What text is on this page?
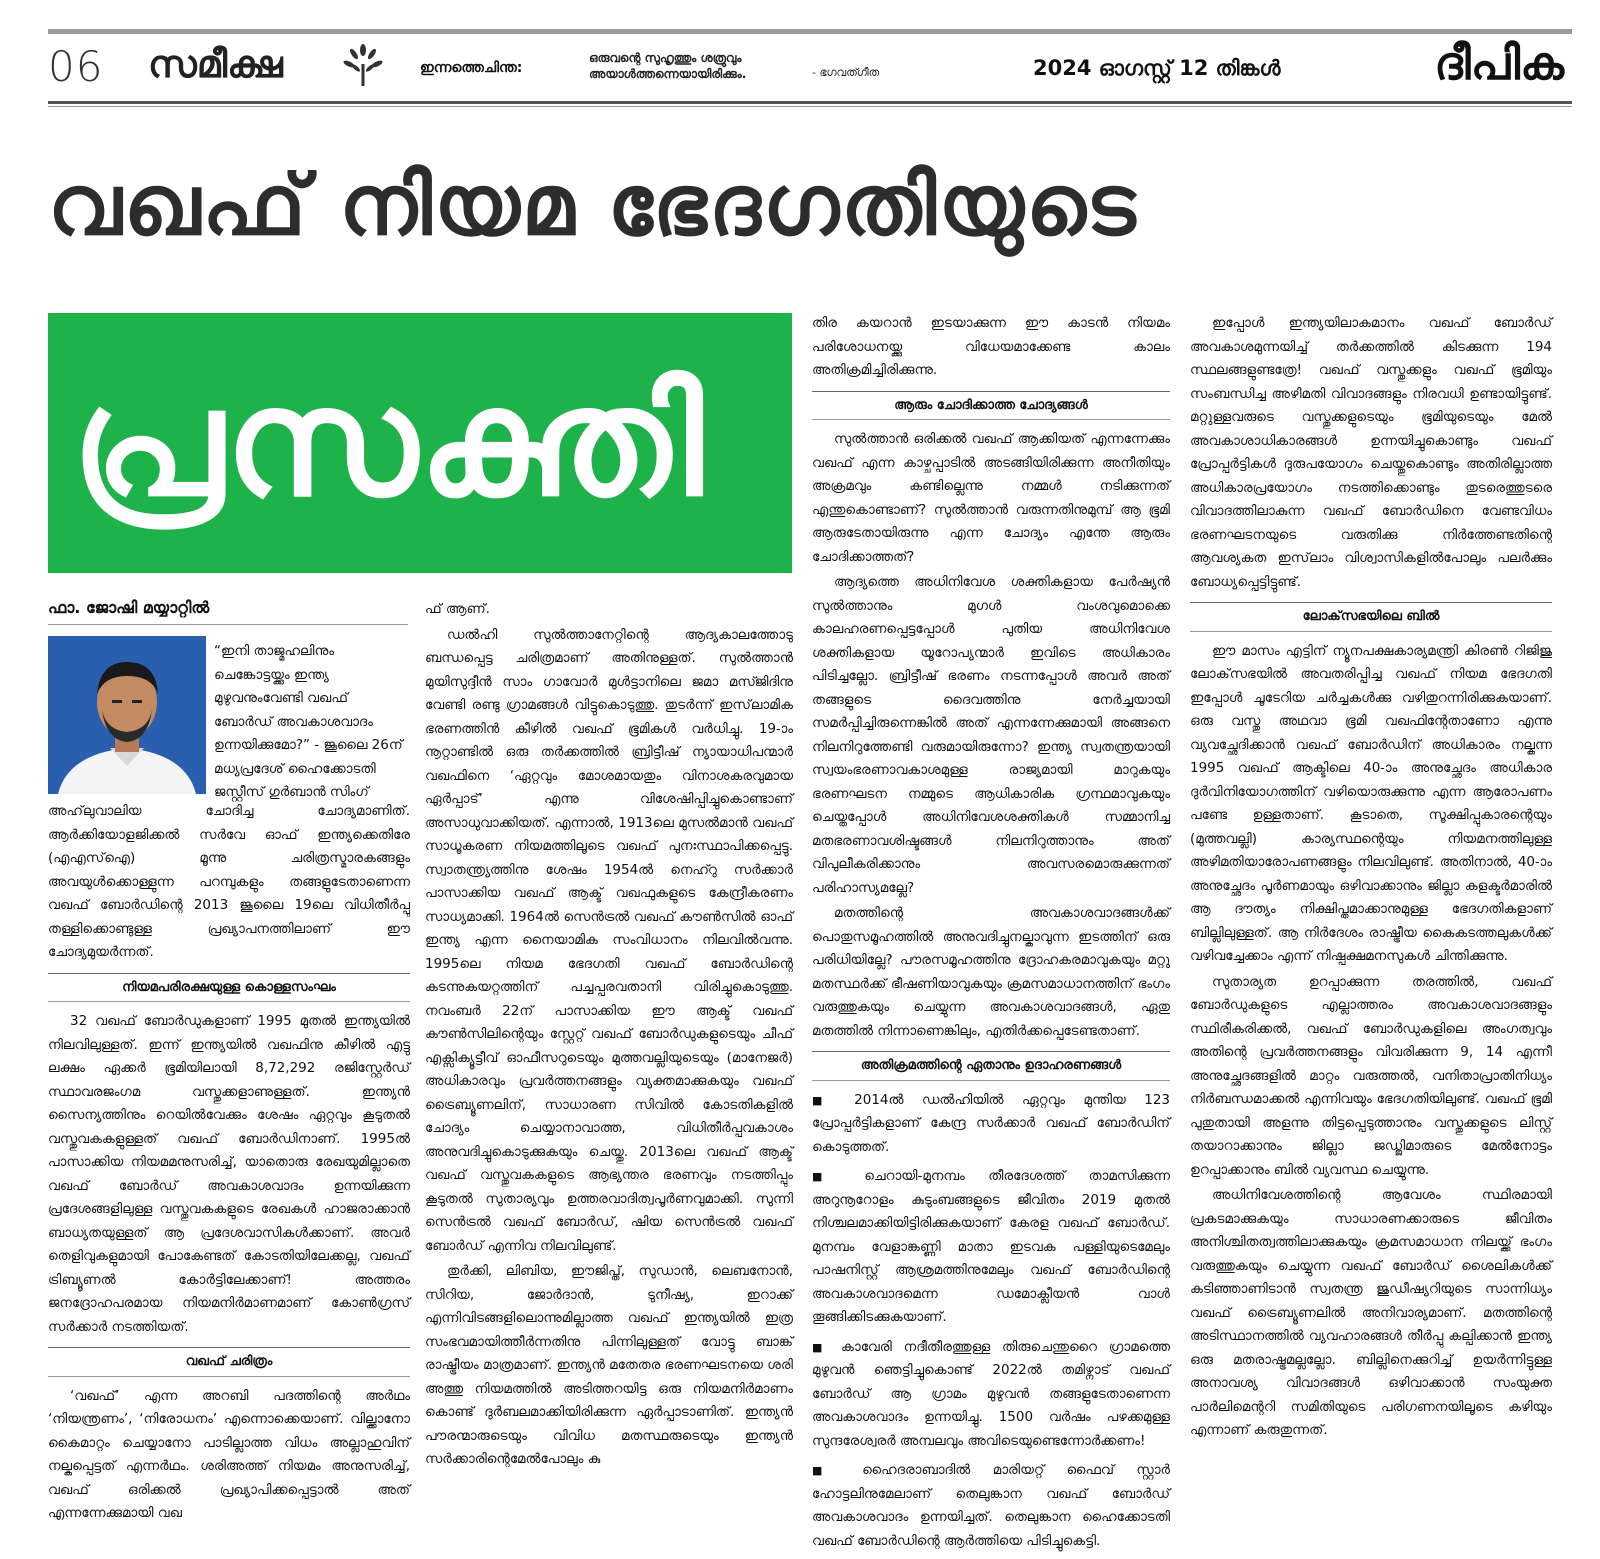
06 സമീക്ഷ	ഇന്നത്തെചിന്ത:
ഒരുവന്റെ സുഹൃത്തും ശത്രുവും
അയാൾത്തന്നെയായിരിക്കും.	- ഭഗവത്ഗീത	2024 ഓഗസ്റ്റ് 12 തിങ്കൾ	ദീപിക
വഖഫ് നിയമ ഭേദഗതിയുടെ
പ്രസക്തി
ഫാ. ജോഷി മയ്യാറ്റിൽ
“ഇനി താജ്മഹലിനും ചെങ്കോട്ടയ്ക്കും ഇന്ത്യ മുഴുവനുംവേണ്ടി വഖഫ് ബോർഡ് അവകാശവാദം ഉന്നയിക്കുമോ?” - ജൂലൈ 26ന് മധ്യപ്രദേശ് ഹൈക്കോടതി ജസ്റ്റീസ് ഗുർബാൻ സിംഗ്

അഹ്‌ലുവാലിയ ചോദിച്ച ചോദ്യമാണിത്. ആർക്കിയോളജിക്കൽ സർവേ ഓഫ് ഇന്ത്യക്കെതിരേ (എഎസ്ഐ) മൂന്നു ചരിത്രസ്മാരകങ്ങളും അവയുൾക്കൊള്ളുന്ന പറമ്പുകളും തങ്ങളുടേതാണെന്ന വഖഫ് ബോർഡിന്റെ 2013 ജൂലൈ 19ലെ വിധിതീർപ്പു തള്ളിക്കൊണ്ടുള്ള പ്രഖ്യാപനത്തിലാണ് ഈ ചോദ്യമുയർന്നത്.

നിയമപരിരക്ഷയുള്ള കൊള്ളസംഘം

32 വഖഫ് ബോർഡുകളാണ് 1995 മുതൽ ഇന്ത്യയിൽ നിലവിലുള്ളത്. ഇന്ന് ഇന്ത്യയിൽ വഖഫിനു കീഴിൽ എട്ടു ലക്ഷം ഏക്കർ ഭൂമിയിലായി 8,72,292 രജിസ്റ്റേർഡ് സ്ഥാവരജംഗമ വസ്തുക്കളാണുള്ളത്. ഇന്ത്യൻ സൈന്യത്തിനും റെയിൽവേക്കും ശേഷം ഏറ്റവും കൂടുതൽ വസ്തുവകകളുള്ളത് വഖഫ് ബോർഡിനാണ്. 1995ൽ പാസാക്കിയ നിയമമനുസരിച്ച്, യാതൊരു രേഖയുമില്ലാതെ വഖഫ് ബോർഡ് അവകാശവാദം ഉന്നയിക്കുന്ന പ്രദേശങ്ങളിലുള്ള വസ്തുവകകളുടെ രേഖകൾ ഹാജരാക്കാൻ ബാധ്യതയുള്ളത് ആ പ്രദേശവാസികൾക്കാണ്. അവർ തെളിവുകളുമായി പോകേണ്ടത് കോടതിയിലേക്കല്ല, വഖഫ് ട്രിബ്യൂണൽ കോർട്ടിലേക്കാണ്! അത്തരം ജനദ്രോഹപരമായ നിയമനിർമാണമാണ് കോൺഗ്രസ് സർക്കാർ നടത്തിയത്.

വഖഫ് ചരിത്രം

‘വഖഫ്’ എന്ന അറബി പദത്തിന്റെ അർഥം ‘നിയന്ത്രണം’, ‘നിരോധനം’ എന്നൊക്കെയാണ്. വില്ക്കാനോ കൈമാറ്റം ചെയ്യാനോ പാടില്ലാത്ത വിധം അല്ലാഹുവിന് നല്കപ്പെട്ടത് എന്നർഥം. ശരിഅത്ത് നിയമം അനുസരിച്ച്, വഖഫ് ഒരിക്കൽ പ്രഖ്യാപിക്കപ്പെട്ടാൽ അത് എന്നന്നേക്കുമായി വഖ

ഫ് ആണ്.

ഡൽഹി സുൽത്താനേറ്റിന്റെ ആദ്യകാലത്തോടു ബന്ധപ്പെട്ട ചരിത്രമാണ് അതിനുള്ളത്. സുൽത്താൻ മുയിസുദ്ദീൻ സാം ഗാവോർ മുൾട്ടാനിലെ ജമാ മസ്ജിദിനു വേണ്ടി രണ്ടു ഗ്രാമങ്ങൾ വിട്ടുകൊടുത്തു. തുടർന്ന് ഇസ്‌ലാമിക ഭരണത്തിൻ കീഴിൽ വഖഫ് ഭൂമികൾ വർധിച്ചു. 19-ാം നൂറ്റാണ്ടിൽ ഒരു തർക്കത്തിൽ ബ്രിട്ടീഷ് ന്യായാധിപന്മാർ വഖഫിനെ ‘ഏറ്റവും മോശമായതും വിനാശകരവുമായ ഏർപ്പാട്’ എന്നു വിശേഷിപ്പിച്ചുകൊണ്ടാണ് അസാധുവാക്കിയത്. എന്നാൽ, 1913ലെ മുസൽമാൻ വഖഫ് സാധൂകരണ നിയമത്തിലൂടെ വഖഫ് പുനഃസ്ഥാപിക്കപ്പെട്ടു. സ്വാതന്ത്ര്യത്തിനു ശേഷം 1954ൽ നെഹ്റു സർക്കാർ പാസാക്കിയ വഖഫ് ആക്ട് വഖഫുകളുടെ കേന്ദ്രീകരണം സാധ്യമാക്കി. 1964ൽ സെൻട്രൽ വഖഫ് കൗൺസിൽ ഓഫ് ഇന്ത്യ എന്ന നൈയാമിക സംവിധാനം നിലവിൽവന്നു. 1995ലെ നിയമ ഭേദഗതി വഖഫ് ബോർഡിന്റെ കടന്നുകയറ്റത്തിന് പച്ചപ്പരവതാനി വിരിച്ചുകൊടുത്തു. നവംബർ 22ന് പാസാക്കിയ ഈ ആക്ട് വഖഫ് കൗൺസിലിന്റെയും സ്റ്റേറ്റ് വഖഫ് ബോർഡുകളുടെയും ചീഫ് എക്സിക്യൂട്ടീവ് ഓഫീസറുടെയും മുത്തവല്ലിയുടെയും (മാനേജർ) അധികാരവും പ്രവർത്തനങ്ങളും വ്യക്തമാക്കുകയും വഖഫ് ട്രൈബ്യൂണലിന്, സാധാരണ സിവിൽ കോടതികളിൽ ചോദ്യം ചെയ്യാനാവാത്ത, വിധിതീർപ്പവകാശം അനുവദിച്ചുകൊടുക്കുകയും ചെയ്തു. 2013ലെ വഖഫ് ആക്ട് വഖഫ് വസ്തുവകകളുടെ ആഭ്യന്തര ഭരണവും നടത്തിപ്പും കൂടുതൽ സുതാര്യവും ഉത്തരവാദിത്വപൂർണവുമാക്കി. സുന്നി സെൻട്രൽ വഖഫ് ബോർഡ്, ഷിയ സെൻട്രൽ വഖഫ് ബോർഡ് എന്നിവ നിലവിലുണ്ട്.

തുർക്കി, ലിബിയ, ഈജിപ്ത്, സുഡാൻ, ലെബനോൻ, സിറിയ, ജോർദാൻ, ടുനീഷ്യ, ഇറാക്ക് എന്നിവിടങ്ങളിലൊന്നുമില്ലാത്ത വഖഫ് ഇന്ത്യയിൽ ഇത്ര സംഭവമായിത്തീർന്നതിനു പിന്നിലുള്ളത് വോട്ടു ബാങ്ക് രാഷ്ട്രീയം മാത്രമാണ്. ഇന്ത്യൻ മതേതര ഭരണഘടനയെ ശരി അത്തു നിയമത്തിൽ അടിത്തറയിട്ട ഒരു നിയമനിർമാണം കൊണ്ട് ദുർബലമാക്കിയിരിക്കുന്ന ഏർപ്പാടാണിത്. ഇന്ത്യൻ പൗരന്മാരുടെയും വിവിധ മതസ്ഥരുടെയും ഇന്ത്യൻ സർക്കാരിന്റെമേൽപോലും കു

തിര കയറാൻ ഇടയാക്കുന്ന ഈ കാടൻ നിയമം പരിശോധനയ്ക്കു വിധേയമാക്കേണ്ട കാലം അതിക്രമിച്ചിരിക്കുന്നു.

ആരും ചോദിക്കാത്ത ചോദ്യങ്ങൾ

സുൽത്താൻ ഒരിക്കൽ വഖഫ് ആക്കിയത് എന്നന്നേക്കും വഖഫ് എന്ന കാഴ്ചപ്പാടിൽ അടങ്ങിയിരിക്കുന്ന അനീതിയും അക്രമവും കണ്ടില്ലെന്നു നമ്മൾ നടിക്കുന്നത് എന്തുകൊണ്ടാണ്? സുൽത്താൻ വരുന്നതിനുമുമ്പ് ആ ഭൂമി ആരുടേതായിരുന്നു എന്ന ചോദ്യം എന്തേ ആരും ചോദിക്കാത്തത്?

ആദ്യത്തെ അധിനിവേശ ശക്തികളായ പേർഷ്യൻ സുൽത്താനും മുഗൾ വംശവുമൊക്കെ കാലഹരണപ്പെട്ടപ്പോൾ പുതിയ അധിനിവേശ ശക്തികളായ യൂറോപ്യന്മാർ ഇവിടെ അധികാരം പിടിച്ചല്ലോ. ബ്രിട്ടീഷ് ഭരണം നടന്നപ്പോൾ അവർ അത് തങ്ങളുടെ ദൈവത്തിനു നേർച്ചയായി സമർപ്പിച്ചിരുന്നെങ്കിൽ അത് എന്നന്നേക്കുമായി അങ്ങനെ നിലനിറുത്തേണ്ടി വരുമായിരുന്നോ? ഇന്ത്യ സ്വതന്ത്രയായി സ്വയംഭരണാവകാശമുള്ള രാജ്യമായി മാറുകയും ഭരണഘടന നമ്മുടെ ആധികാരിക ഗ്രന്ഥമാവുകയും ചെയ്തപ്പോൾ അധിനിവേശശക്തികൾ സമ്മാനിച്ച മതഭരണാവശിഷ്ടങ്ങൾ നിലനിറുത്താനും അത് വിപുലീകരിക്കാനും അവസരമൊരുക്കുന്നത് പരിഹാസ്യമല്ലേ?

മതത്തിന്റെ അവകാശവാദങ്ങൾക്ക് പൊതുസമൂഹത്തിൽ അനുവദിച്ചുനല്കാവുന്ന ഇടത്തിന് ഒരു പരിധിയില്ലേ? പൗരസമൂഹത്തിനു ദ്രോഹകരമാവുകയും മറ്റു മതസ്ഥർക്ക് ഭീഷണിയാവുകയും ക്രമസമാധാനത്തിന് ഭംഗം വരുത്തുകയും ചെയ്യുന്ന അവകാശവാദങ്ങൾ, ഏതു മതത്തിൽ നിന്നാണെങ്കിലും, എതിർക്കപ്പെടേണ്ടതാണ്.

അതിക്രമത്തിന്റെ ഏതാനും ഉദാഹരണങ്ങൾ
■ 2014ൽ ഡൽഹിയിൽ ഏറ്റവും മുന്തിയ 123 പ്രോപ്പർട്ടികളാണ് കേന്ദ്ര സർക്കാർ വഖഫ് ബോർഡിന് കൊടുത്തത്.
■ ചെറായി-മുനമ്പം തീരദേശത്ത് താമസിക്കുന്ന അറുനൂറോളം കുടുംബങ്ങളുടെ ജീവിതം 2019 മുതൽ നിശ്ചലമാക്കിയിട്ടിരിക്കുകയാണ് കേരള വഖഫ് ബോർഡ്. മുനമ്പം വേളാങ്കണ്ണി മാതാ ഇടവക പള്ളിയുടെമേലും പാഷനിസ്റ്റ് ആശ്രമത്തിനുമേലും വഖഫ് ബോർഡിന്റെ അവകാശവാദമെന്ന ഡമോക്ലീയൻ വാൾ തൂങ്ങിക്കിടക്കുകയാണ്.
■ കാവേരി നദീതീരത്തുള്ള തിരുചെന്തുറൈ ഗ്രാമത്തെ മുഴുവൻ ഞെട്ടിച്ചുകൊണ്ട് 2022ൽ തമിഴ്നാട് വഖഫ് ബോർഡ് ആ ഗ്രാമം മുഴുവൻ തങ്ങളുടേതാണെന്ന അവകാശവാദം ഉന്നയിച്ചു. 1500 വർഷം പഴക്കമുള്ള സുന്ദരേശ്വരർ അമ്പലവും അവിടെയുണ്ടെന്നോർക്കണം!
■ ഹൈദരാബാദിൽ മാരിയറ്റ് ഫൈവ് സ്റ്റാർ ഹോട്ടലിനുമേലാണ് തെലുങ്കാന വഖഫ് ബോർഡ് അവകാശവാദം ഉന്നയിച്ചത്. തെലുങ്കാന ഹൈക്കോടതി വഖഫ് ബോർഡിന്റെ ആർത്തിയെ പിടിച്ചുകെട്ടി.

ഇപ്പോൾ ഇന്ത്യയിലാകമാനം വഖഫ് ബോർഡ് അവകാശമുന്നയിച്ച് തർക്കത്തിൽ കിടക്കുന്ന 194 സ്ഥലങ്ങളുണ്ടത്രേ! വഖഫ് വസ്തുക്കളും വഖഫ് ഭൂമിയും സംബന്ധിച്ച അഴിമതി വിവാദങ്ങളും നിരവധി ഉണ്ടായിട്ടുണ്ട്. മറ്റുള്ളവരുടെ വസ്തുക്കളുടെയും ഭൂമിയുടെയും മേൽ അവകാശാധികാരങ്ങൾ ഉന്നയിച്ചുകൊണ്ടും വഖഫ് പ്രോപ്പർട്ടികൾ ദുരുപയോഗം ചെയ്തുകൊണ്ടും അതിരില്ലാത്ത അധികാരപ്രയോഗം നടത്തിക്കൊണ്ടും തുടരെത്തുടരെ വിവാദത്തിലാകുന്ന വഖഫ് ബോർഡിനെ വേണ്ടവിധം ഭരണഘടനയുടെ വരുതിക്കു നിർത്തേണ്ടതിന്റെ ആവശ്യകത ഇസ്‌ലാം വിശ്വാസികളിൽപോലും പലർക്കും ബോധ്യപ്പെട്ടിട്ടുണ്ട്.

ലോക്‌സഭയിലെ ബിൽ

ഈ മാസം എട്ടിന് ന്യൂനപക്ഷകാര്യമന്ത്രി കിരൺ റിജിജു ലോക്‌സഭയിൽ അവതരിപ്പിച്ച വഖഫ് നിയമ ഭേദഗതി ഇപ്പോൾ ചൂടേറിയ ചർച്ചകൾക്കു വഴിതുറന്നിരിക്കുകയാണ്. ഒരു വസ്തു അഥവാ ഭൂമി വഖഫിന്റേതാണോ എന്നു വ്യവച്ഛേദിക്കാൻ വഖഫ് ബോർഡിന് അധികാരം നല്കുന്ന 1995 വഖഫ് ആക്ടിലെ 40-ാം അനുച്ഛേദം അധികാര ദുർവിനിയോഗത്തിന് വഴിയൊരുക്കുന്നു എന്ന ആരോപണം പണ്ടേ ഉള്ളതാണ്. കൂടാതെ, സൂക്ഷിപ്പുകാരന്റെയും (മുത്തവല്ലി) കാര്യസ്ഥന്റെയും നിയമനത്തിലുള്ള അഴിമതിയാരോപണങ്ങളും നിലവിലുണ്ട്. അതിനാൽ, 40-ാം അനുച്ഛേദം പൂർണമായും ഒഴിവാക്കാനും ജില്ലാ കളക്ടർമാരിൽ ആ ദൗത്യം നിക്ഷിപ്തമാക്കാനുമുള്ള ഭേദഗതികളാണ് ബില്ലിലുള്ളത്. ആ നിർദേശം രാഷ്ട്രീയ കൈകടത്തലുകൾക്ക് വഴിവച്ചേക്കാം എന്ന് നിഷ്പക്ഷമനസുകൾ ചിന്തിക്കുന്നു.

സുതാര്യത ഉറപ്പാക്കുന്ന തരത്തിൽ, വഖഫ് ബോർഡുകളുടെ എല്ലാത്തരം അവകാശവാദങ്ങളും സ്ഥിരീകരിക്കൽ, വഖഫ് ബോർഡുകളിലെ അംഗത്വവും അതിന്റെ പ്രവർത്തനങ്ങളും വിവരിക്കുന്ന 9, 14 എന്നീ അനുച്ഛേദങ്ങളിൽ മാറ്റം വരുത്തൽ, വനിതാപ്രാതിനിധ്യം നിർബന്ധമാക്കൽ എന്നിവയും ഭേദഗതിയിലുണ്ട്. വഖഫ് ഭൂമി പുതുതായി അളന്നു തിട്ടപ്പെടുത്താനും വസ്തുക്കളുടെ ലിസ്റ്റ് തയാറാക്കാനും ജില്ലാ ജഡ്ജിമാരുടെ മേൽനോട്ടം ഉറപ്പാക്കാനും ബിൽ വ്യവസ്ഥ ചെയ്യുന്നു.

അധിനിവേശത്തിന്റെ ആവേശം സ്ഥിരമായി പ്രകടമാക്കുകയും സാധാരണക്കാരുടെ ജീവിതം അനിശ്ചിതത്വത്തിലാക്കുകയും ക്രമസമാധാന നിലയ്ക്ക് ഭംഗം വരുത്തുകയും ചെയ്യുന്ന വഖഫ് ബോർഡ് ശൈലികൾക്ക് കടിഞ്ഞാണിടാൻ സ്വതന്ത്ര ജുഡീഷ്യറിയുടെ സാന്നിധ്യം വഖഫ് ട്രൈബ്യൂണലിൽ അനിവാര്യമാണ്. മതത്തിന്റെ അടിസ്ഥാനത്തിൽ വ്യവഹാരങ്ങൾ തീർപ്പു കല്പിക്കാൻ ഇന്ത്യ ഒരു മതരാഷ്ട്രമല്ലല്ലോ. ബില്ലിനെക്കുറിച്ച് ഉയർന്നിട്ടുള്ള അനാവശ്യ വിവാദങ്ങൾ ഒഴിവാക്കാൻ സംയുക്ത പാർലിമെന്ററി സമിതിയുടെ പരിഗണനയിലൂടെ കഴിയും എന്നാണ് കരുതുന്നത്.
